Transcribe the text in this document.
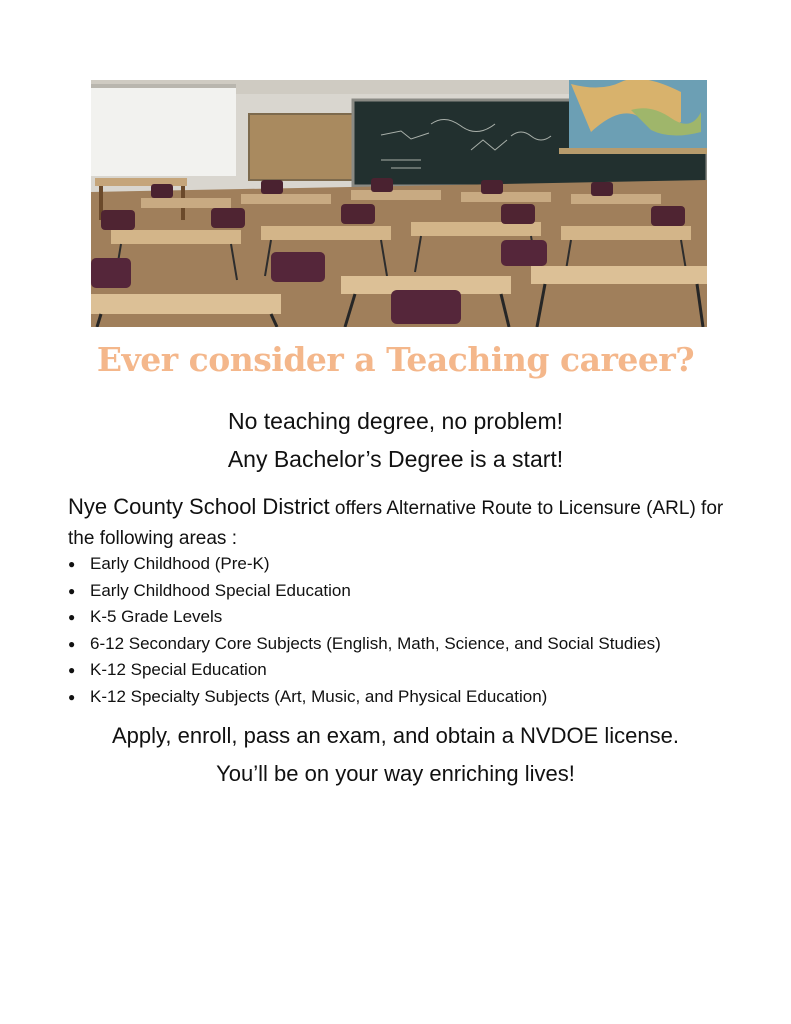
Ever consider a Teaching career?
No teaching degree, no problem!
Any Bachelor’s Degree is a start!
Nye County School District offers Alternative Route to Licensure (ARL) for the following areas :
● Early Childhood (Pre-K)
● Early Childhood Special Education
● K-5 Grade Levels
● 6-12 Secondary Core Subjects (English, Math, Science, and Social Studies)
● K-12 Special Education
● K-12 Specialty Subjects (Art, Music, and Physical Education)
Apply, enroll, pass an exam, and obtain a NVDOE license.
You’ll be on your way enriching lives!
